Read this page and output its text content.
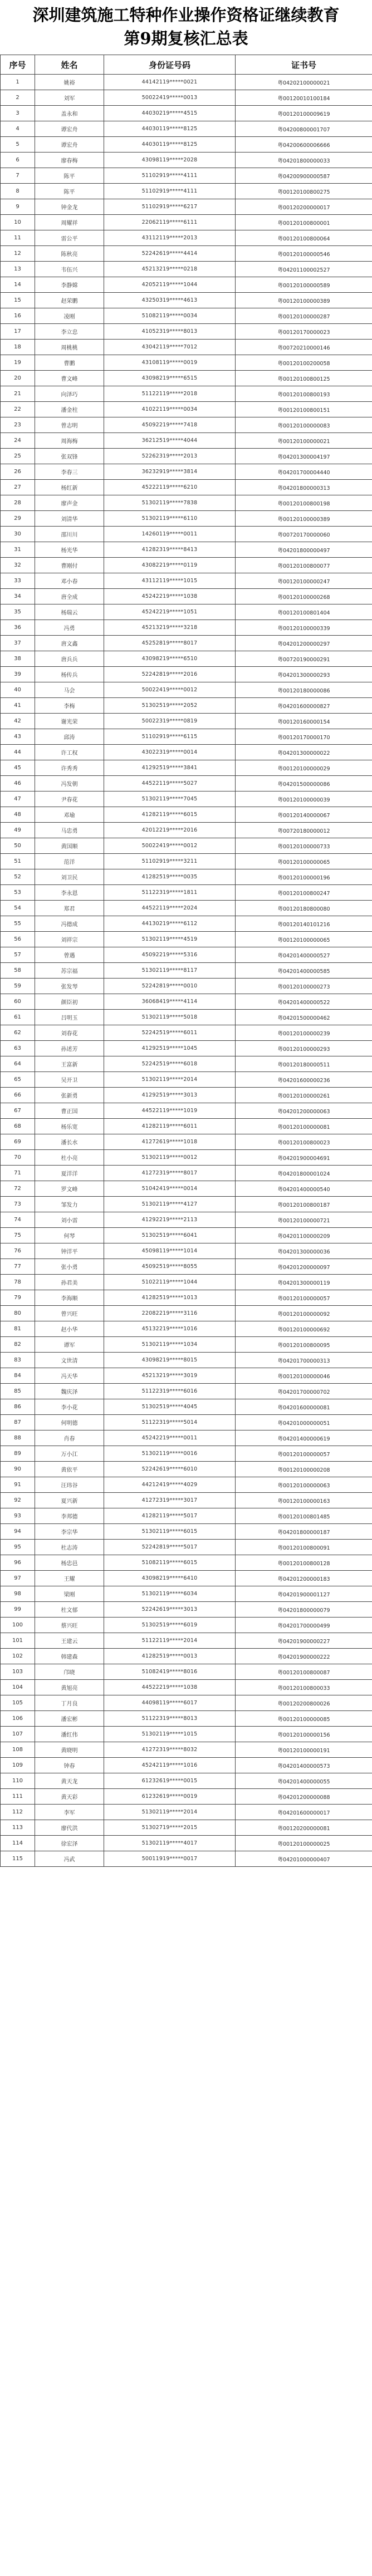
深圳建筑施工特种作业操作资格证继续教育
第9期复核汇总表
序号	姓名	身份证号码	证书号
1	姚裕	44142119*****0021	粤04202100000021
2	刘军	50022419*****0013	粤00120010100184
3	盖永和	44030219*****4515	粤00120100009619
4	谭宏舟	44030119*****8125	粤04200800001707
5	谭宏舟	44030119*****8125	粤04200600006666
6	廖春梅	43098119*****2028	粤04201800000033
7	陈平	51102919*****4111	粤04200900000587
8	陈平	51102919*****4111	粤00120100800275
9	钟金龙	51102919*****6217	粤00120200000017
10	周耀祥	22062119*****6111	粤00120100800001
11	雷公平	43112119*****2013	粤00120100800064
12	陈秋亮	52242619*****4414	粤00120100000546
13	韦伍兴	45213219*****0218	粤04201100002527
14	李静嫦	42052119*****1044	粤00120100000589
15	赵荣鹏	43250319*****4613	粤00120100000389
16	凌刚	51082119*****0034	粤00120100000287
17	李立忠	41052319*****8013	粤00120170000023
18	周桃桃	43042119*****7012	粤00720210000146
19	曹鹏	43108119*****0019	粤00120100200058
20	曹文峰	43098219*****6515	粤00120100800125
21	向泽巧	51122119*****2018	粤00120100800193
22	潘金柱	41022119*****0034	粤00120100800151
23	曾志明	45092219*****7418	粤00120100000083
24	周海梅	36212519*****4044	粤00120100000021
25	张双锋	52262319*****2013	粤04201300004197
26	李春三	36232919*****3814	粤04201700004440
27	杨红新	45222119*****6210	粤04201800000313
28	廖声金	51302119*****7838	粤00120100800198
29	刘清华	51302119*****6110	粤00120100000389
30	邵川川	14260119*****0011	粤00720170000060
31	杨光华	41282319*****8413	粤04201800000497
32	曹刚付	43082219*****0119	粤00120100800077
33	邓小春	43112119*****1015	粤00120100000247
34	唐全成	45242219*****1038	粤00120100000268
35	杨瑞云	45242219*****1051	粤00120100801404
36	冯勇	45213219*****3218	粤00120100000339
37	唐文鑫	45252819*****8017	粤04201200000297
38	唐兵兵	43098219*****6510	粤00720190000291
39	杨传兵	52242819*****2016	粤04201300000293
40	马会	50022419*****0012	粤00120180000086
41	李梅	51302519*****2052	粤04201600000827
42	谢光荣	50022319*****0819	粤00120160000154
43	邱涛	51102919*****6115	粤00120170000170
44	许工权	43022319*****0014	粤04201300000022
45	许秀秀	41292519*****3841	粤00120100000029
46	冯发朝	44522119*****5027	粤04201500000086
47	尹春花	51302119*****7045	粤00120100000039
48	邓瑜	41282119*****6015	粤00120140000067
49	马忠勇	42012219*****2016	粤00720180000012
50	黄国顺	50022419*****0012	粤00120100000733
51	范洋	51102919*****3211	粤00120100000065
52	刘卫民	41282519*****0035	粤00120100000196
53	李永恩	51122319*****1811	粤00120100800247
54	郑君	44522119*****2024	粤00120180800080
55	冯德成	44130219*****6112	粤00120140101216
56	刘祥宗	51302119*****4519	粤00120100000065
57	曾遇	45092219*****5316	粤04201400000527
58	苏宗福	51302119*****8117	粤04201400000585
59	张发琴	52242819*****0010	粤00120100000273
60	颜臣初	36068419*****4114	粤04201400000522
61	吕明玉	51302119*****5018	粤04201500000462
62	刘春花	52242519*****6011	粤00120100000239
63	孙述芳	41292519*****1045	粤00120100000293
64	王富新	52242519*****6018	粤00120180000511
65	吴开卫	51302119*****2014	粤04201600000236
66	张新勇	41292519*****3013	粤00120100000261
67	曹正国	44522119*****1019	粤04201200000063
68	杨乐宽	41282119*****6011	粤00120100000081
69	潘长水	41272619*****1018	粤00120100800023
70	杜小亮	51302119*****0012	粤04201900004691
71	夏洋洋	41272319*****8017	粤04201800001024
72	罗文峰	51042419*****0014	粤04201400000540
73	邹发力	51302119*****4127	粤00120100800187
74	刘小雷	41292219*****2113	粤00120100000721
75	何琴	51302519*****6041	粤04201100000209
76	钟洋平	45098119*****1014	粤04201300000036
77	张小勇	45092519*****8055	粤04201200000097
78	孙君美	51022119*****1044	粤04201300000119
79	李海顺	41282519*****1013	粤00120100000057
80	曾兴旺	22082219*****3116	粤00120100000092
81	赵小华	45132219*****1016	粤00120100000692
82	谭军	51302119*****1034	粤00120100800095
83	文世清	43098219*****8015	粤04201700000313
84	冯天华	45213219*****3019	粤00120100000046
85	魏庆泽	51122319*****6016	粤04201700000702
86	李小花	51302519*****4045	粤04201600000081
87	何明德	51122319*****5014	粤04201000000051
88	肖春	45242219*****0011	粤04201400000619
89	万小江	51302119*****0016	粤00120100000057
90	黄依平	52242619*****6010	粤00120100000208
91	汪玮谷	44212419*****4029	粤00120100000063
92	夏兴新	41272319*****3017	粤00120100000163
93	李邦德	41282119*****5017	粤00120100801485
94	李宗华	51302119*****6015	粤04201800000187
95	杜志涛	52242819*****5017	粤00120100800091
96	杨忠邑	51082119*****6015	粤00120100800128
97	王耀	43098219*****6410	粤04201200000183
98	梁刚	51302119*****6034	粤04201900001127
99	杜文郁	52242619*****3013	粤04201800000079
100	蔡兴旺	51302519*****6019	粤04201700000499
101	王建云	51122119*****2014	粤04201900000227
102	韩建森	41282519*****0013	粤04201900000222
103	邝晓	51082419*****8016	粤00120100800087
104	黄旭亮	44522219*****1038	粤00120100800033
105	丁月良	44098119*****6017	粤00120200800026
106	潘宏彬	51122319*****8013	粤00120100000085
107	潘红伟	51302119*****1015	粤00120100000156
108	黄晓明	41272319*****8032	粤00120100000191
109	钟春	45242119*****1016	粤04201400000573
110	黄天龙	61232619*****0015	粤04201400000055
111	黄天彩	61232619*****0019	粤04201200000088
112	李军	51302119*****2014	粤04201600000017
113	廖代洪	51302719*****2015	粤00120200000081
114	徐宏泽	51302119*****4017	粤00120100000025
115	冯武	50011919*****0017	粤04201000000407
